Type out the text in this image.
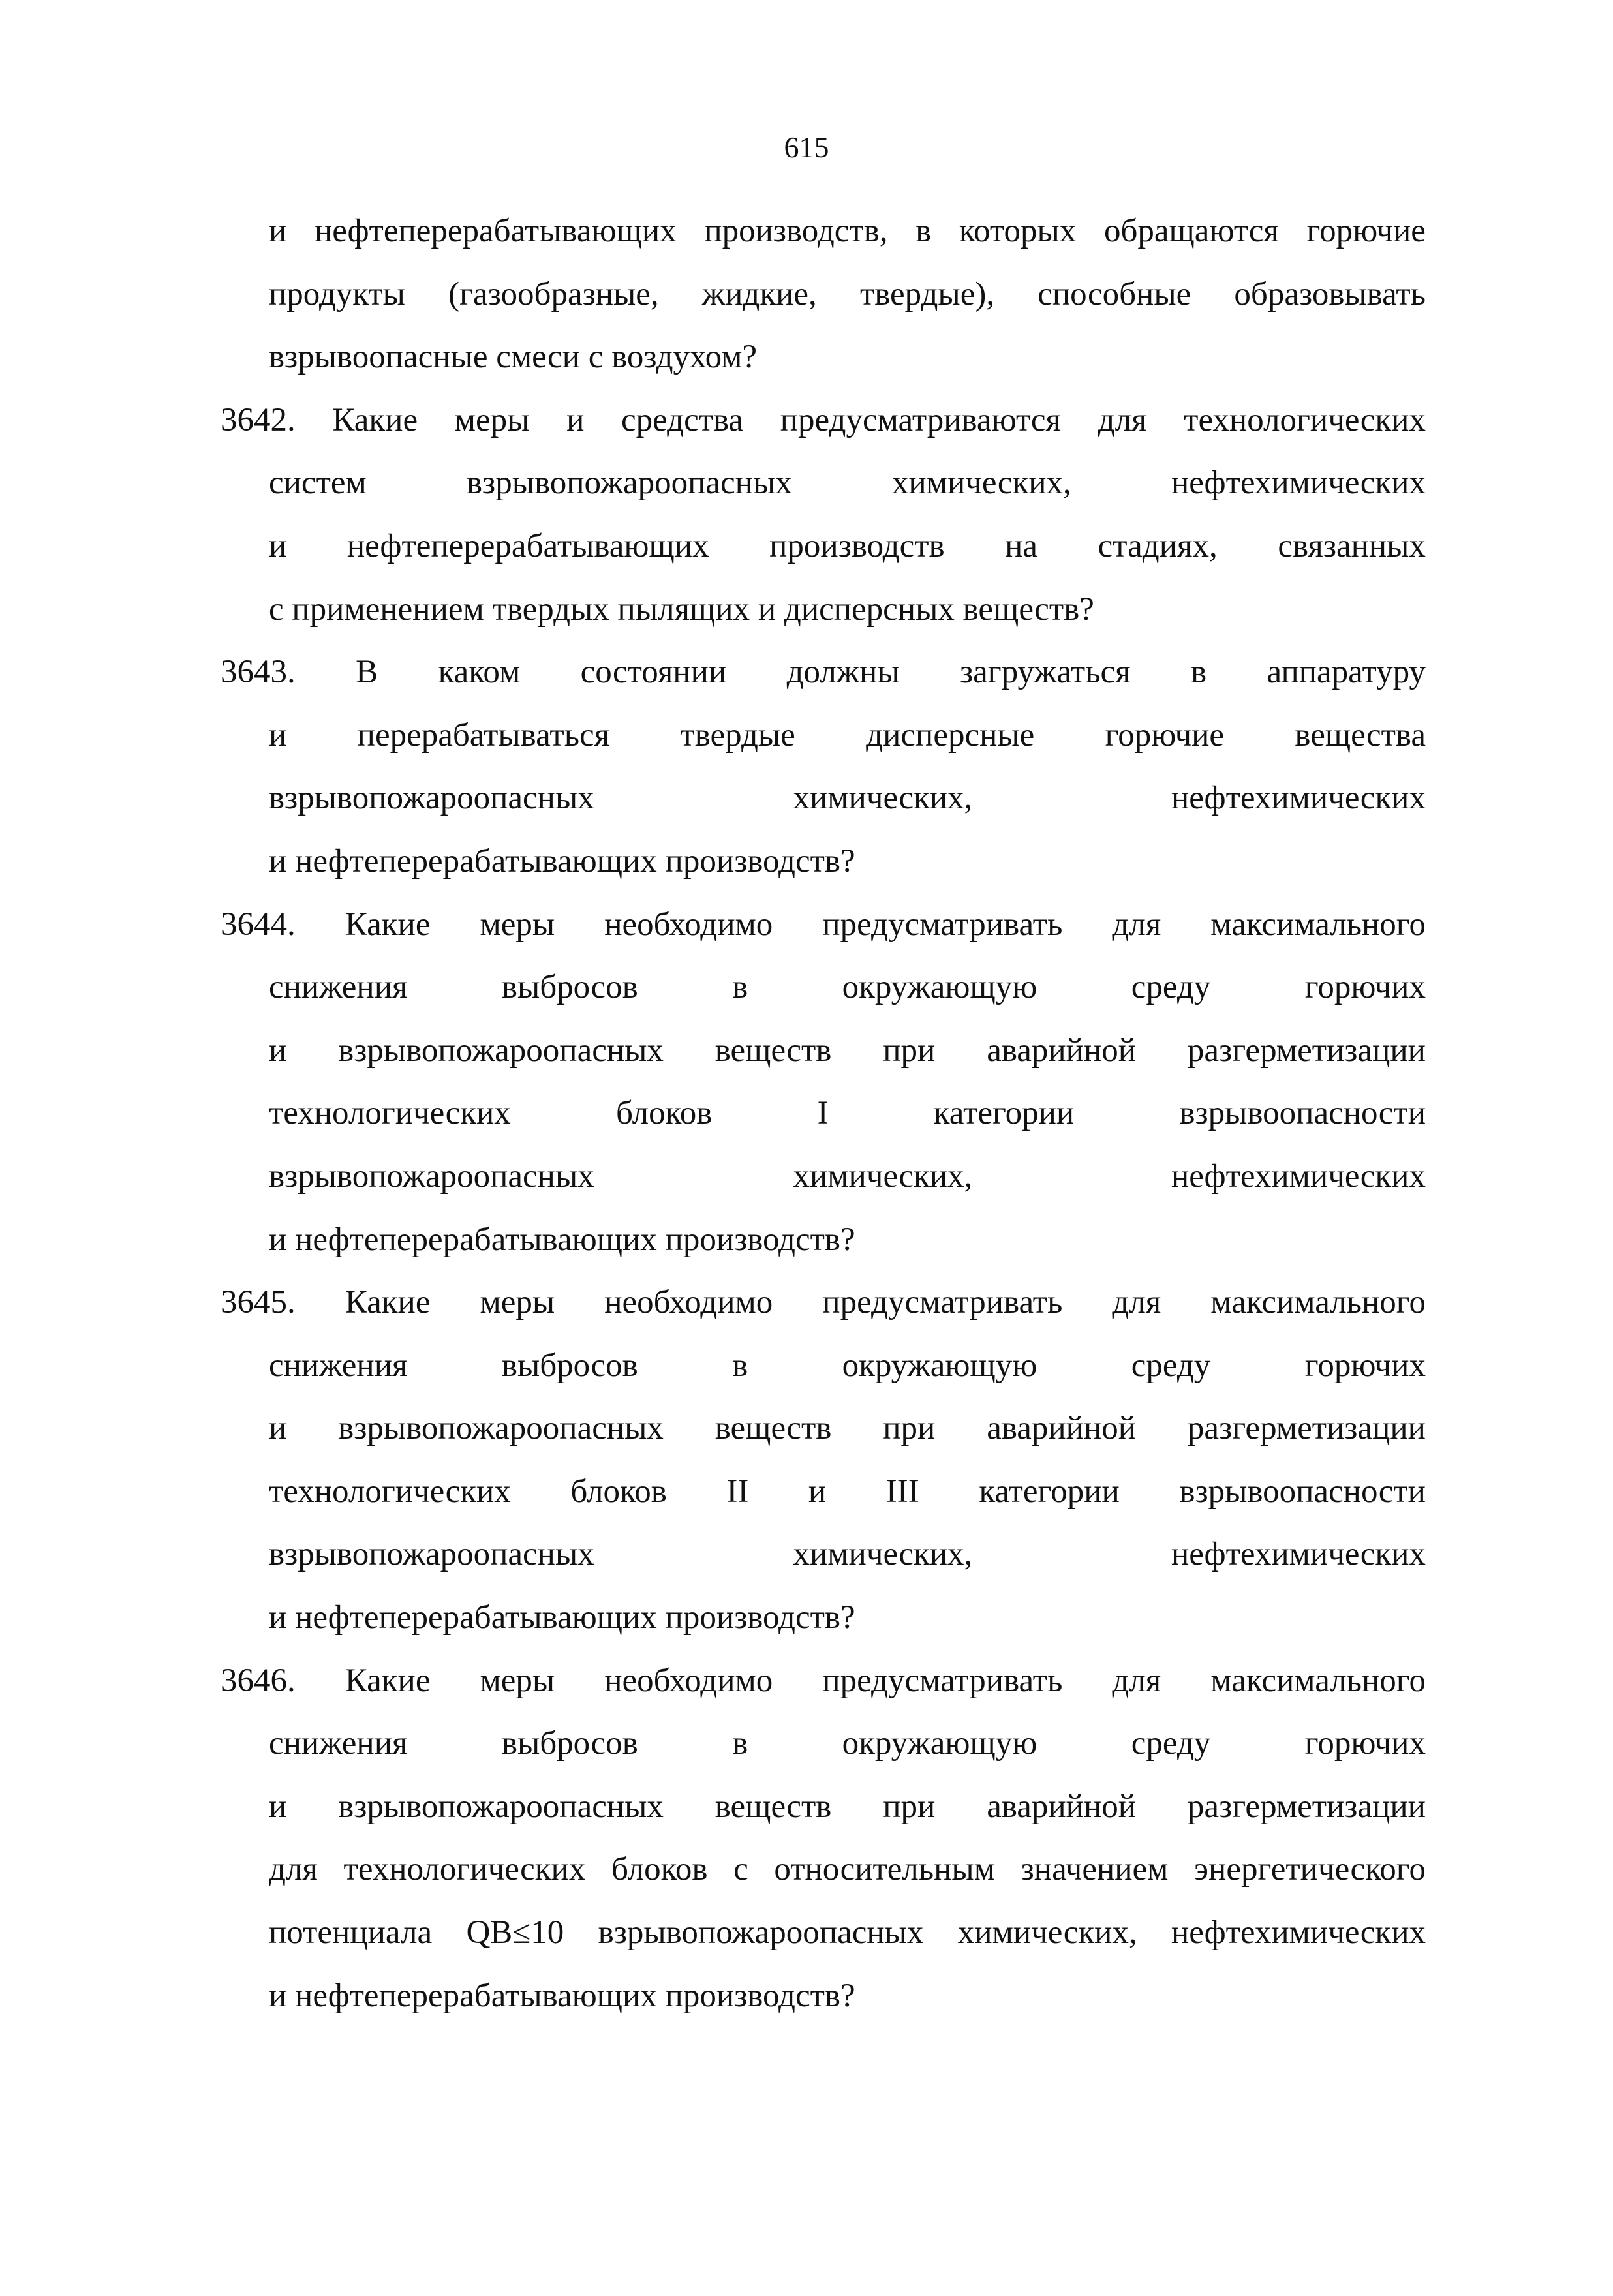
615
и нефтеперерабатывающих производств, в которых обращаются горючие
продукты (газообразные, жидкие, твердые), способные образовывать
взрывоопасные смеси с воздухом?
3642. Какие меры и средства предусматриваются для технологических
систем	взрывопожароопасных	химических,	нефтехимических
и нефтеперерабатывающих производств на стадиях, связанных
с применением твердых пылящих и дисперсных веществ?
3643. В каком состоянии должны загружаться в аппаратуру
и перерабатываться твердые дисперсные горючие вещества
взрывопожароопасных	химических,	нефтехимических
и нефтеперерабатывающих производств?
3644. Какие меры необходимо предусматривать для максимального
снижения	выбросов	в	окружающую	среду	горючих
и взрывопожароопасных веществ при аварийной разгерметизации
технологических	блоков	I	категории	взрывоопасности
взрывопожароопасных	химических,	нефтехимических
и нефтеперерабатывающих производств?
3645. Какие меры необходимо предусматривать для максимального
снижения	выбросов	в	окружающую	среду	горючих
и взрывопожароопасных веществ при аварийной разгерметизации
технологических блоков II и III категории взрывоопасности
взрывопожароопасных	химических,	нефтехимических
и нефтеперерабатывающих производств?
3646. Какие меры необходимо предусматривать для максимального
снижения	выбросов	в	окружающую	среду	горючих
и взрывопожароопасных веществ при аварийной разгерметизации
для технологических блоков с относительным значением энергетического
потенциала QB≤10 взрывопожароопасных химических, нефтехимических
и нефтеперерабатывающих производств?
